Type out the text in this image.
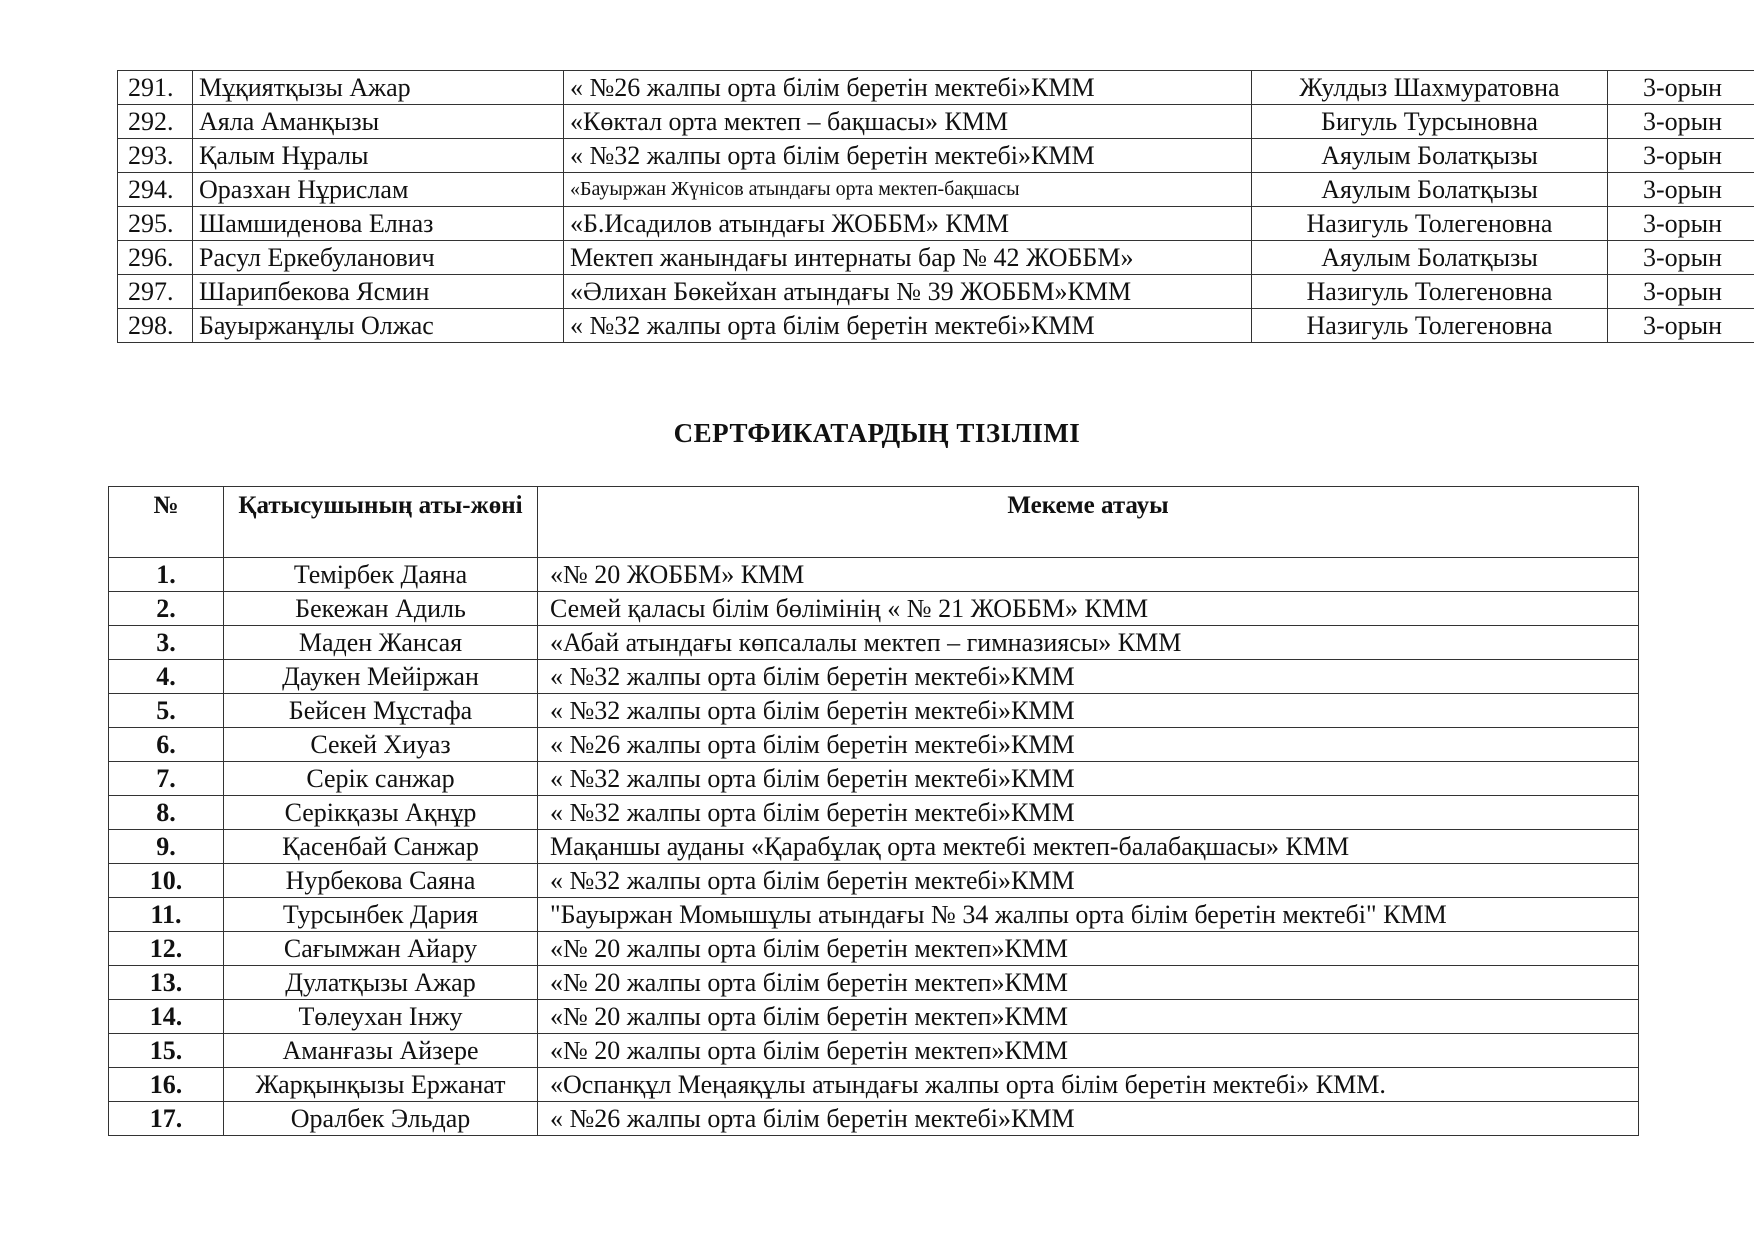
291.	Мұқиятқызы Ажар	« №26 жалпы орта білім беретін мектебі»КММ	Жулдыз Шахмуратовна	3-орын
292.	Аяла Аманқызы	«Көктал орта мектеп – бақшасы» КММ	Бигуль Турсыновна	3-орын
293.	Қалым Нұралы	« №32 жалпы орта білім беретін мектебі»КММ	Аяулым Болатқызы	3-орын
294.	Оразхан Нұрислам	«Бауыржан Жүнісов атындағы орта мектеп-бақшасы	Аяулым Болатқызы	3-орын
295.	Шамшиденова Елназ	«Б.Исадилов атындағы ЖОББМ» КММ	Назигуль Толегеновна	3-орын
296.	Расул Еркебуланович	Мектеп жанындағы интернаты бар № 42 ЖОББМ»	Аяулым Болатқызы	3-орын
297.	Шарипбекова Ясмин	«Әлихан Бөкейхан атындағы № 39 ЖОББМ»КММ	Назигуль Толегеновна	3-орын
298.	Бауыржанұлы Олжас	« №32 жалпы орта білім беретін мектебі»КММ	Назигуль Толегеновна	3-орын
СЕРТФИКАТАРДЫҢ ТІЗІЛІМІ
№	Қатысушының аты-жөні	Мекеме атауы
1.	Темірбек Даяна	«№ 20 ЖОББМ» КММ
2.	Бекежан Адиль	Семей қаласы білім бөлімінің « № 21 ЖОББМ» КММ
3.	Маден Жансая	«Абай атындағы көпсалалы мектеп – гимназиясы» КММ
4.	Даукен Мейіржан	« №32 жалпы орта білім беретін мектебі»КММ
5.	Бейсен Мұстафа	« №32 жалпы орта білім беретін мектебі»КММ
6.	Секей Хиуаз	« №26 жалпы орта білім беретін мектебі»КММ
7.	Серік санжар	« №32 жалпы орта білім беретін мектебі»КММ
8.	Серікқазы Ақнұр	« №32 жалпы орта білім беретін мектебі»КММ
9.	Қасенбай Санжар	Мақаншы ауданы «Қарабұлақ орта мектебі мектеп-балабақшасы» КММ
10.	Нурбекова Саяна	« №32 жалпы орта білім беретін мектебі»КММ
11.	Турсынбек Дария	"Бауыржан Момышұлы атындағы № 34 жалпы орта білім беретін мектебі" КММ
12.	Сағымжан Айару	«№ 20 жалпы орта білім беретін мектеп»КММ
13.	Дулатқызы Ажар	«№ 20 жалпы орта білім беретін мектеп»КММ
14.	Төлеухан Інжу	«№ 20 жалпы орта білім беретін мектеп»КММ
15.	Аманғазы Айзере	«№ 20 жалпы орта білім беретін мектеп»КММ
16.	Жарқынқызы Ержанат	«Оспанқұл Меңаяқұлы атындағы жалпы орта білім беретін мектебі» КММ.
17.	Оралбек Эльдар	« №26 жалпы орта білім беретін мектебі»КММ
